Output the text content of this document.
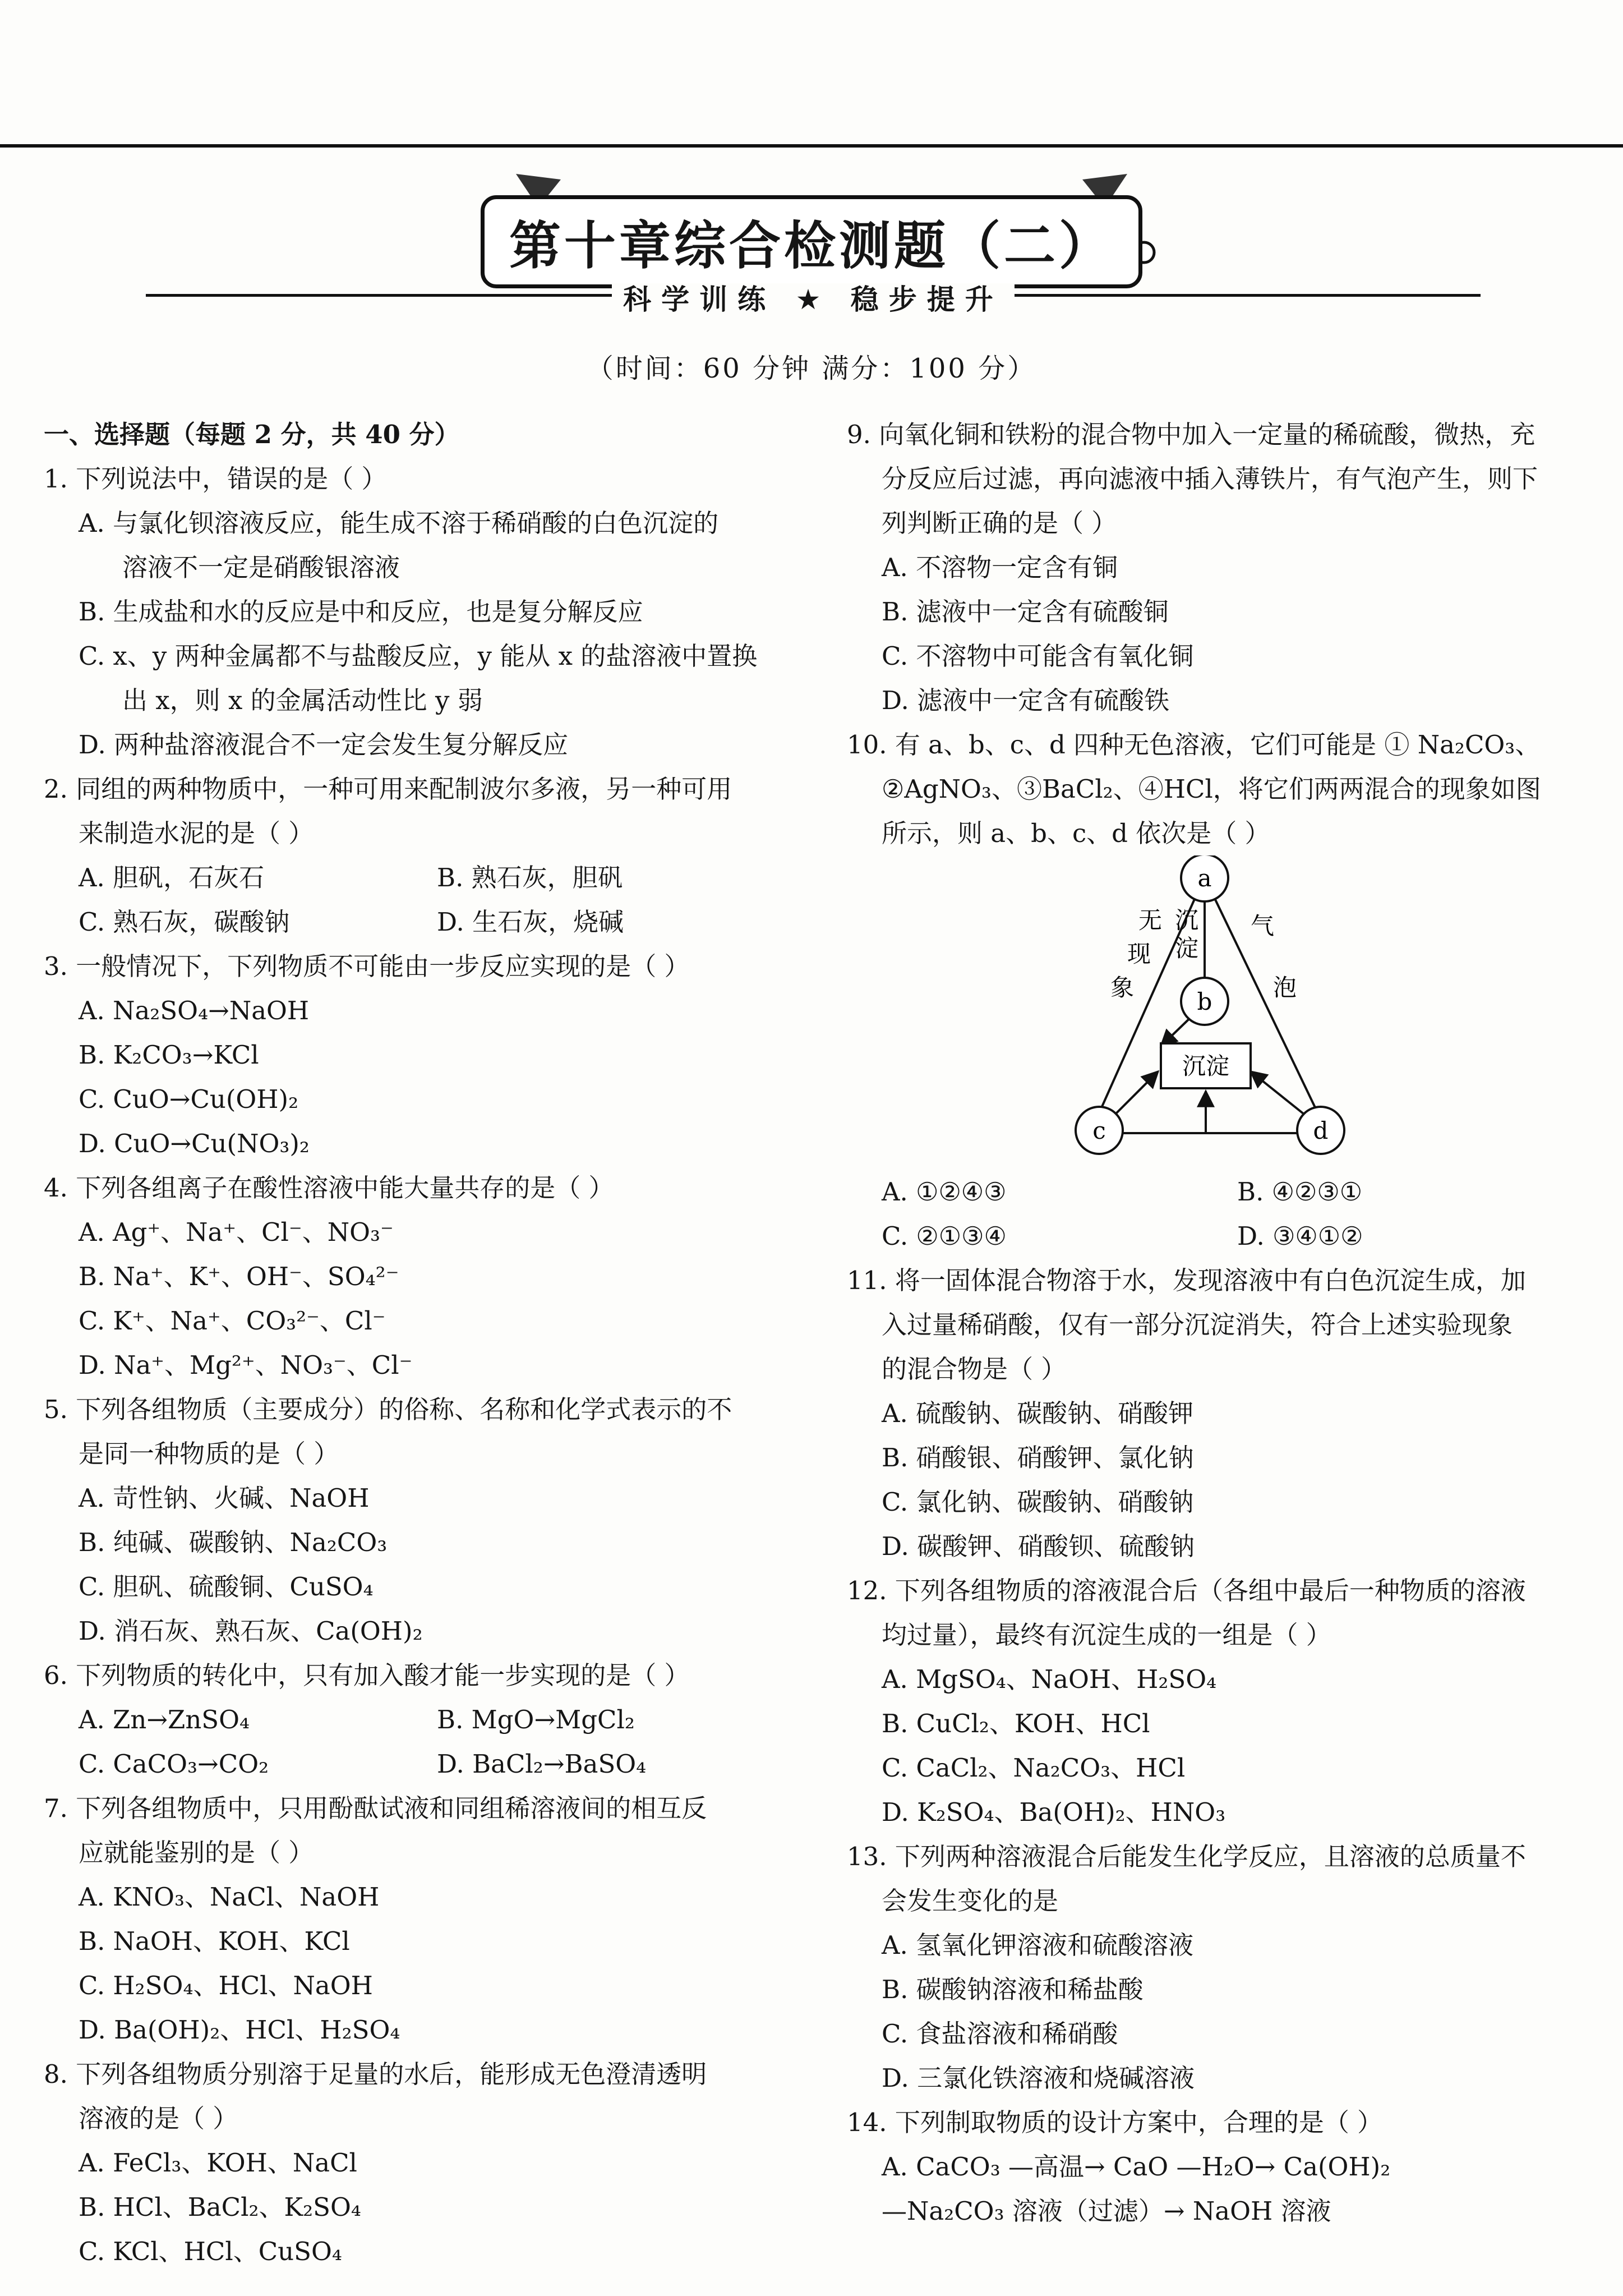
第十章综合检测题（二）
科学训练 ★ 稳步提升
（时间：60 分钟 满分：100 分）
一、选择题（每题 2 分，共 40 分）
1. 下列说法中，错误的是（ ）
A. 与氯化钡溶液反应，能生成不溶于稀硝酸的白色沉淀的
溶液不一定是硝酸银溶液
B. 生成盐和水的反应是中和反应，也是复分解反应
C. x、y 两种金属都不与盐酸反应，y 能从 x 的盐溶液中置换
出 x，则 x 的金属活动性比 y 弱
D. 两种盐溶液混合不一定会发生复分解反应
2. 同组的两种物质中，一种可用来配制波尔多液，另一种可用
来制造水泥的是（ ）
A. 胆矾，石灰石	B. 熟石灰，胆矾
C. 熟石灰，碳酸钠	D. 生石灰，烧碱
3. 一般情况下，下列物质不可能由一步反应实现的是（ ）
A. Na₂SO₄→NaOH
B. K₂CO₃→KCl
C. CuO→Cu(OH)₂
D. CuO→Cu(NO₃)₂
4. 下列各组离子在酸性溶液中能大量共存的是（ ）
A. Ag⁺、Na⁺、Cl⁻、NO₃⁻
B. Na⁺、K⁺、OH⁻、SO₄²⁻
C. K⁺、Na⁺、CO₃²⁻、Cl⁻
D. Na⁺、Mg²⁺、NO₃⁻、Cl⁻
5. 下列各组物质（主要成分）的俗称、名称和化学式表示的不
是同一种物质的是（ ）
A. 苛性钠、火碱、NaOH
B. 纯碱、碳酸钠、Na₂CO₃
C. 胆矾、硫酸铜、CuSO₄
D. 消石灰、熟石灰、Ca(OH)₂
6. 下列物质的转化中，只有加入酸才能一步实现的是（ ）
A. Zn→ZnSO₄	B. MgO→MgCl₂
C. CaCO₃→CO₂	D. BaCl₂→BaSO₄
7. 下列各组物质中，只用酚酞试液和同组稀溶液间的相互反
应就能鉴别的是（ ）
A. KNO₃、NaCl、NaOH
B. NaOH、KOH、KCl
C. H₂SO₄、HCl、NaOH
D. Ba(OH)₂、HCl、H₂SO₄
8. 下列各组物质分别溶于足量的水后，能形成无色澄清透明
溶液的是（ ）
A. FeCl₃、KOH、NaCl
B. HCl、BaCl₂、K₂SO₄
C. KCl、HCl、CuSO₄
9. 向氧化铜和铁粉的混合物中加入一定量的稀硫酸，微热，充
分反应后过滤，再向滤液中插入薄铁片，有气泡产生，则下
列判断正确的是（ ）
A. 不溶物一定含有铜
B. 滤液中一定含有硫酸铜
C. 不溶物中可能含有氧化铜
D. 滤液中一定含有硫酸铁
10. 有 a、b、c、d 四种无色溶液，它们可能是 ① Na₂CO₃、
②AgNO₃、③BaCl₂、④HCl，将它们两两混合的现象如图
所示，则 a、b、c、d 依次是（ ）
沉淀
a
b
c	d
无
现
象
沉
淀
气
泡
A. ①②④③	B. ④②③①
C. ②①③④	D. ③④①②
11. 将一固体混合物溶于水，发现溶液中有白色沉淀生成，加
入过量稀硝酸，仅有一部分沉淀消失，符合上述实验现象
的混合物是（ ）
A. 硫酸钠、碳酸钠、硝酸钾
B. 硝酸银、硝酸钾、氯化钠
C. 氯化钠、碳酸钠、硝酸钠
D. 碳酸钾、硝酸钡、硫酸钠
12. 下列各组物质的溶液混合后（各组中最后一种物质的溶液
均过量），最终有沉淀生成的一组是（ ）
A. MgSO₄、NaOH、H₂SO₄
B. CuCl₂、KOH、HCl
C. CaCl₂、Na₂CO₃、HCl
D. K₂SO₄、Ba(OH)₂、HNO₃
13. 下列两种溶液混合后能发生化学反应，且溶液的总质量不
会发生变化的是
A. 氢氧化钾溶液和硫酸溶液
B. 碳酸钠溶液和稀盐酸
C. 食盐溶液和稀硝酸
D. 三氯化铁溶液和烧碱溶液
14. 下列制取物质的设计方案中，合理的是（ ）
A. CaCO₃ —高温→ CaO —H₂O→ Ca(OH)₂
—Na₂CO₃ 溶液（过滤）→ NaOH 溶液
